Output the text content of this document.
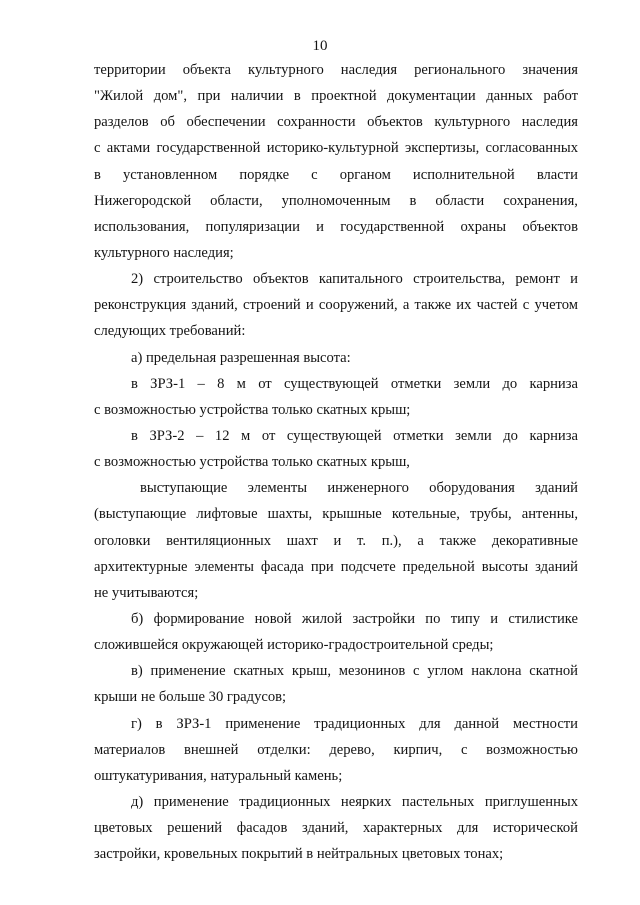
10
территории объекта культурного наследия регионального значения
"Жилой дом", при наличии в проектной документации данных работ
разделов об обеспечении сохранности объектов культурного наследия
с актами государственной историко-культурной экспертизы, согласованных
в установленном порядке с органом исполнительной власти
Нижегородской области, уполномоченным в области сохранения,
использования, популяризации и государственной охраны объектов
культурного наследия;
2) строительство объектов капитального строительства, ремонт и
реконструкция зданий, строений и сооружений, а также их частей с учетом
следующих требований:
а) предельная разрешенная высота:
в ЗРЗ-1 – 8 м от существующей отметки земли до карниза
с возможностью устройства только скатных крыш;
в ЗРЗ-2 – 12 м от существующей отметки земли до карниза
с возможностью устройства только скатных крыш,
выступающие элементы инженерного оборудования зданий
(выступающие лифтовые шахты, крышные котельные, трубы, антенны,
оголовки вентиляционных шахт и т. п.), а также декоративные
архитектурные элементы фасада при подсчете предельной высоты зданий
не учитываются;
б) формирование новой жилой застройки по типу и стилистике
сложившейся окружающей историко-градостроительной среды;
в) применение скатных крыш, мезонинов с углом наклона скатной
крыши не больше 30 градусов;
г) в ЗРЗ-1 применение традиционных для данной местности
материалов внешней отделки: дерево, кирпич, с возможностью
оштукатуривания, натуральный камень;
д) применение традиционных неярких пастельных приглушенных
цветовых решений фасадов зданий, характерных для исторической
застройки, кровельных покрытий в нейтральных цветовых тонах;
